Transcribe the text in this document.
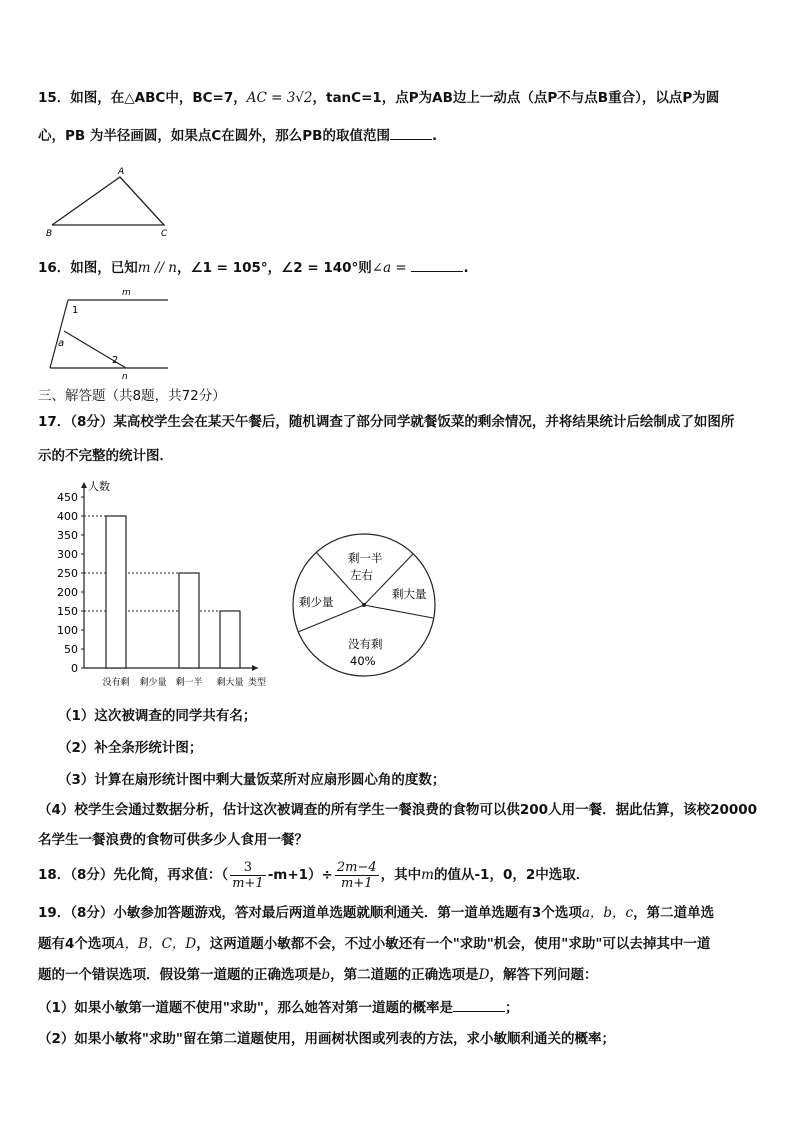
15．如图，在△ABC中，BC=7，AC = 3√2，tanC=1，点P为AB边上一动点（点P不与点B重合），以点P为圆
心，PB 为半径画圆，如果点C在圆外，那么PB的取值范围	.
A
B	C
16．如图，已知m // n，∠1 = 105°，∠2 = 140°则∠a =	.
m
n
1
2
a
三、解答题（共8题，共72分）
17．（8分）某高校学生会在某天午餐后，随机调查了部分同学就餐饭菜的剩余情况，并将结果统计后绘制成了如图所
示的不完整的统计图．
0
50
100
150
200
250
300
350
400
450
没有剩 剩少量 剩一半 剩大量
人数
类型
剩一半
左右
剩大量
没有剩
40%
剩少量
（1）这次被调查的同学共有名；
（2）补全条形统计图；
（3）计算在扇形统计图中剩大量饭菜所对应扇形圆心角的度数；
（4）校学生会通过数据分析，估计这次被调查的所有学生一餐浪费的食物可以供200人用一餐．据此估算，该校20000
名学生一餐浪费的食物可供多少人食用一餐？
18．（8分）先化简，再求值：（ $\frac{3}{m+1} -m+1)\div \frac{2m-4}{m+1}$ ，其中m的值从-1，0，2中选取．
19．（8分）小敏参加答题游戏，答对最后两道单选题就顺利通关．第一道单选题有3个选项a，b，c，第二道单选
题有4个选项A，B，C，D，这两道题小敏都不会，不过小敏还有一个"求助"机会，使用"求助"可以去掉其中一道
题的一个错误选项．假设第一道题的正确选项是b，第二道题的正确选项是D，解答下列问题：
（1）如果小敏第一道题不使用"求助"，那么她答对第一道题的概率是	；
（2）如果小敏将"求助"留在第二道题使用，用画树状图或列表的方法，求小敏顺利通关的概率；
